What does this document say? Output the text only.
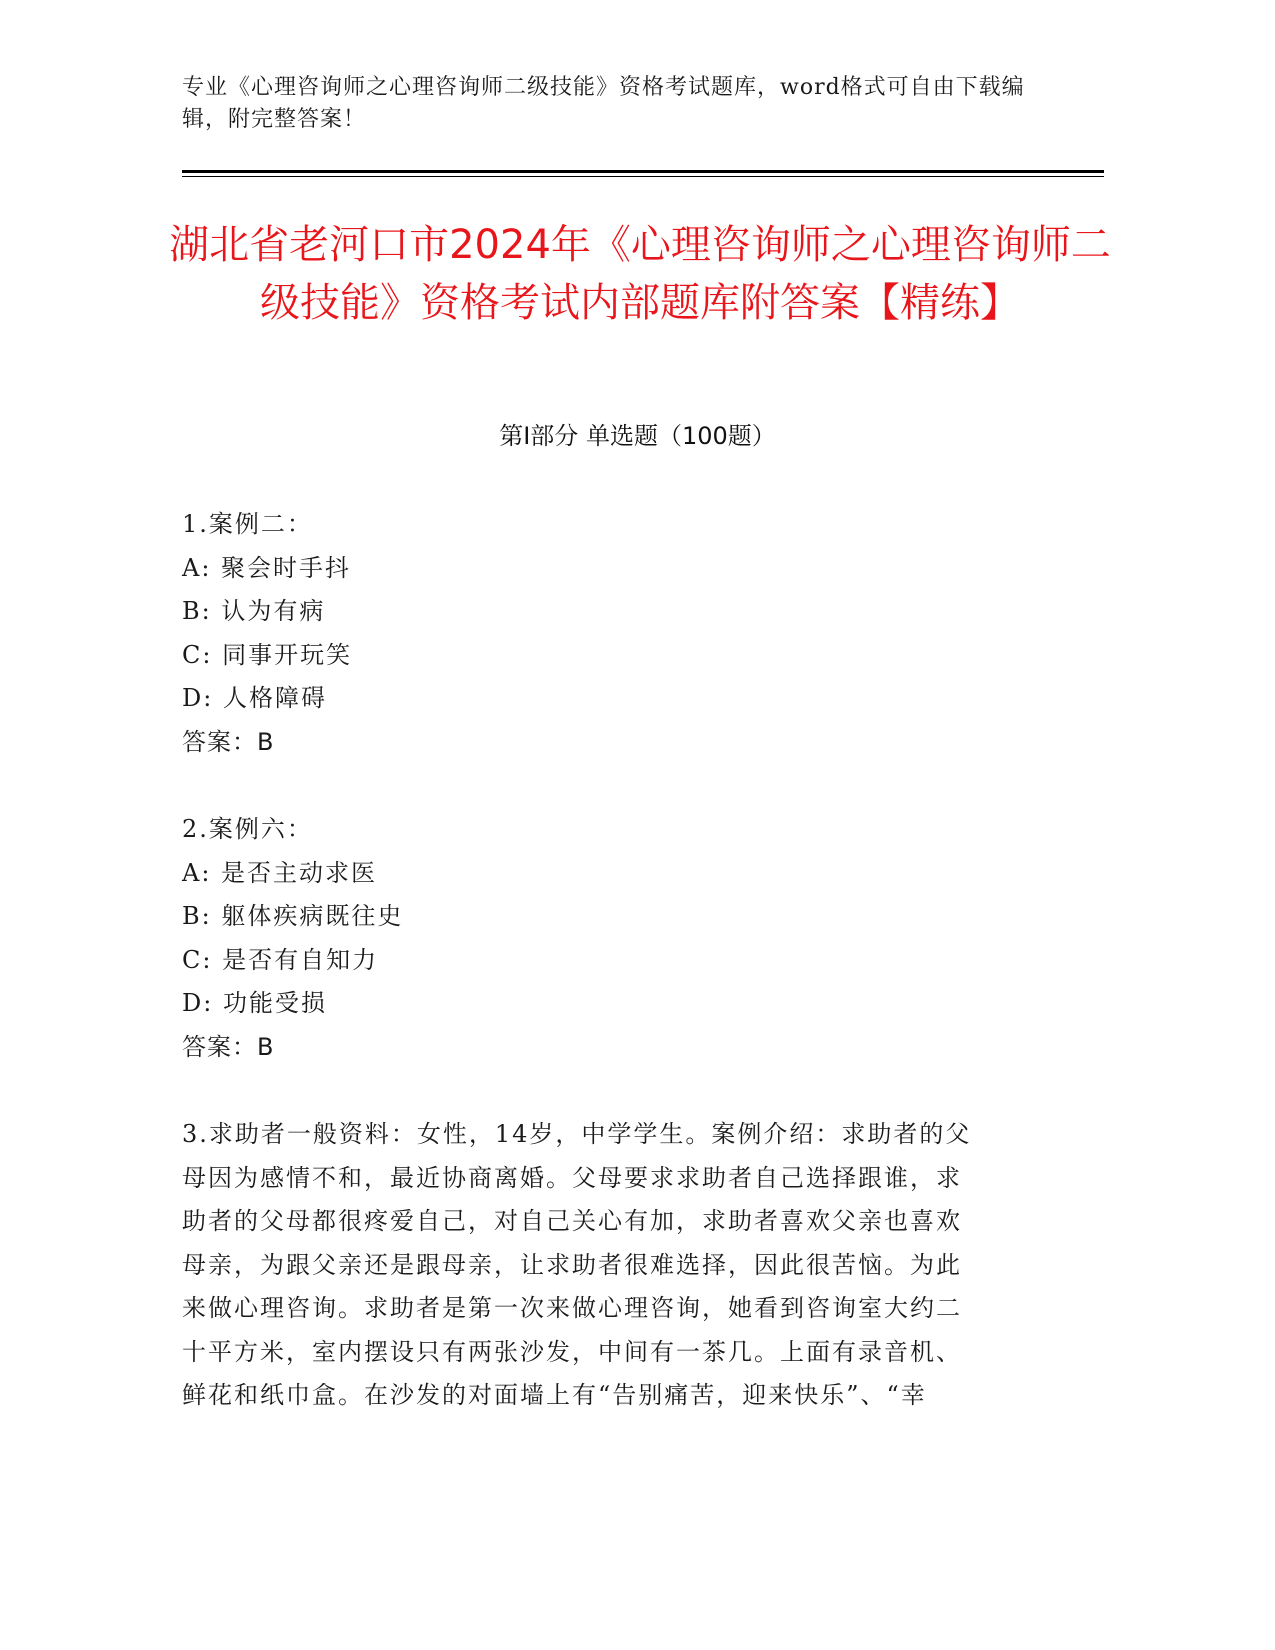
专业《心理咨询师之心理咨询师二级技能》资格考试题库，word格式可自由下载编辑，附完整答案！
湖北省老河口市2024年《心理咨询师之心理咨询师二级技能》资格考试内部题库附答案【精练】
第Ⅰ部分 单选题（100题）
1.案例二：
A: 聚会时手抖
B: 认为有病
C: 同事开玩笑
D: 人格障碍
答案：B
2.案例六：
A: 是否主动求医
B: 躯体疾病既往史
C: 是否有自知力
D: 功能受损
答案：B
3.求助者一般资料：女性，14岁，中学学生。案例介绍：求助者的父
母因为感情不和，最近协商离婚。父母要求求助者自己选择跟谁，求
助者的父母都很疼爱自己，对自己关心有加，求助者喜欢父亲也喜欢
母亲，为跟父亲还是跟母亲，让求助者很难选择，因此很苦恼。为此
来做心理咨询。求助者是第一次来做心理咨询，她看到咨询室大约二
十平方米，室内摆设只有两张沙发，中间有一茶几。上面有录音机、
鲜花和纸巾盒。在沙发的对面墙上有“告别痛苦，迎来快乐”、“幸
